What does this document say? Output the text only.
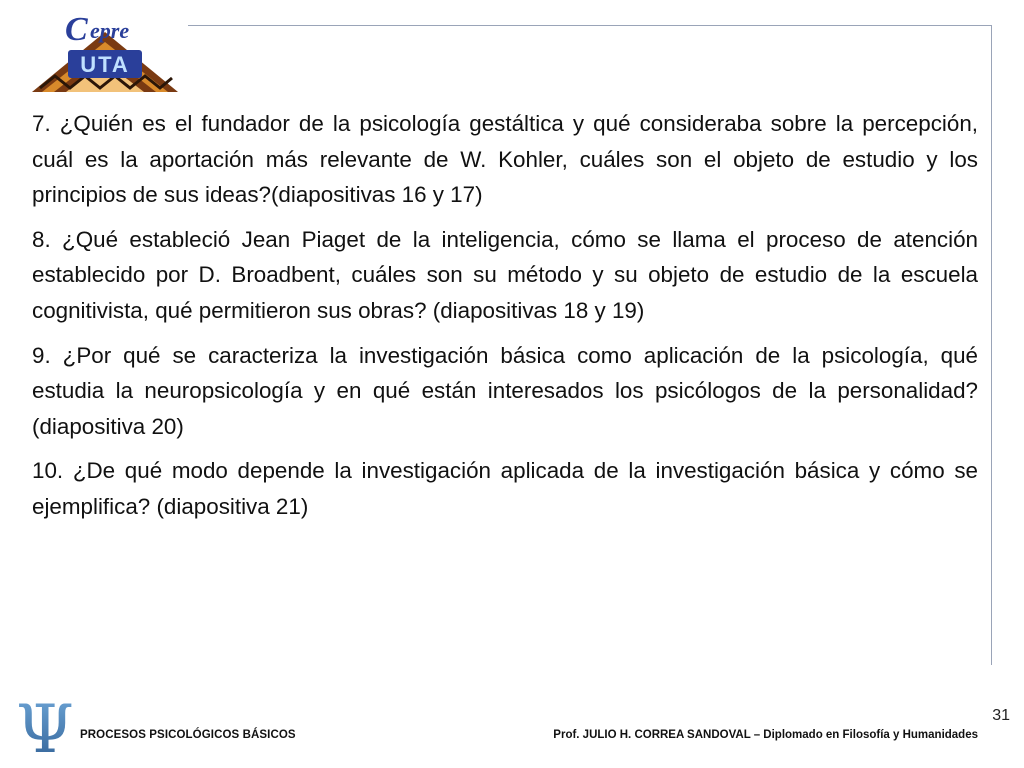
UTA
C epre

7. ¿Quién es el fundador de la psicología gestáltica y qué consideraba sobre la percepción, cuál es la aportación más relevante de W. Kohler, cuáles son el objeto de estudio y los principios de sus ideas?(diapositivas 16 y 17)

8. ¿Qué estableció Jean Piaget de la inteligencia, cómo se llama el proceso de atención establecido por D. Broadbent, cuáles son su método y su objeto de estudio de la escuela cognitivista, qué permitieron sus obras? (diapositivas 18 y 19)

9. ¿Por qué se caracteriza la investigación básica como aplicación de la psicología, qué estudia la neuropsicología y en qué están interesados los psicólogos de la personalidad? (diapositiva 20)

10. ¿De qué modo depende la investigación aplicada de la investigación básica y cómo se ejemplifica? (diapositiva 21)

Ψ PROCESOS PSICOLÓGICOS BÁSICOS	Prof. JULIO H. CORREA SANDOVAL – Diplomado en Filosofía y Humanidades
31
